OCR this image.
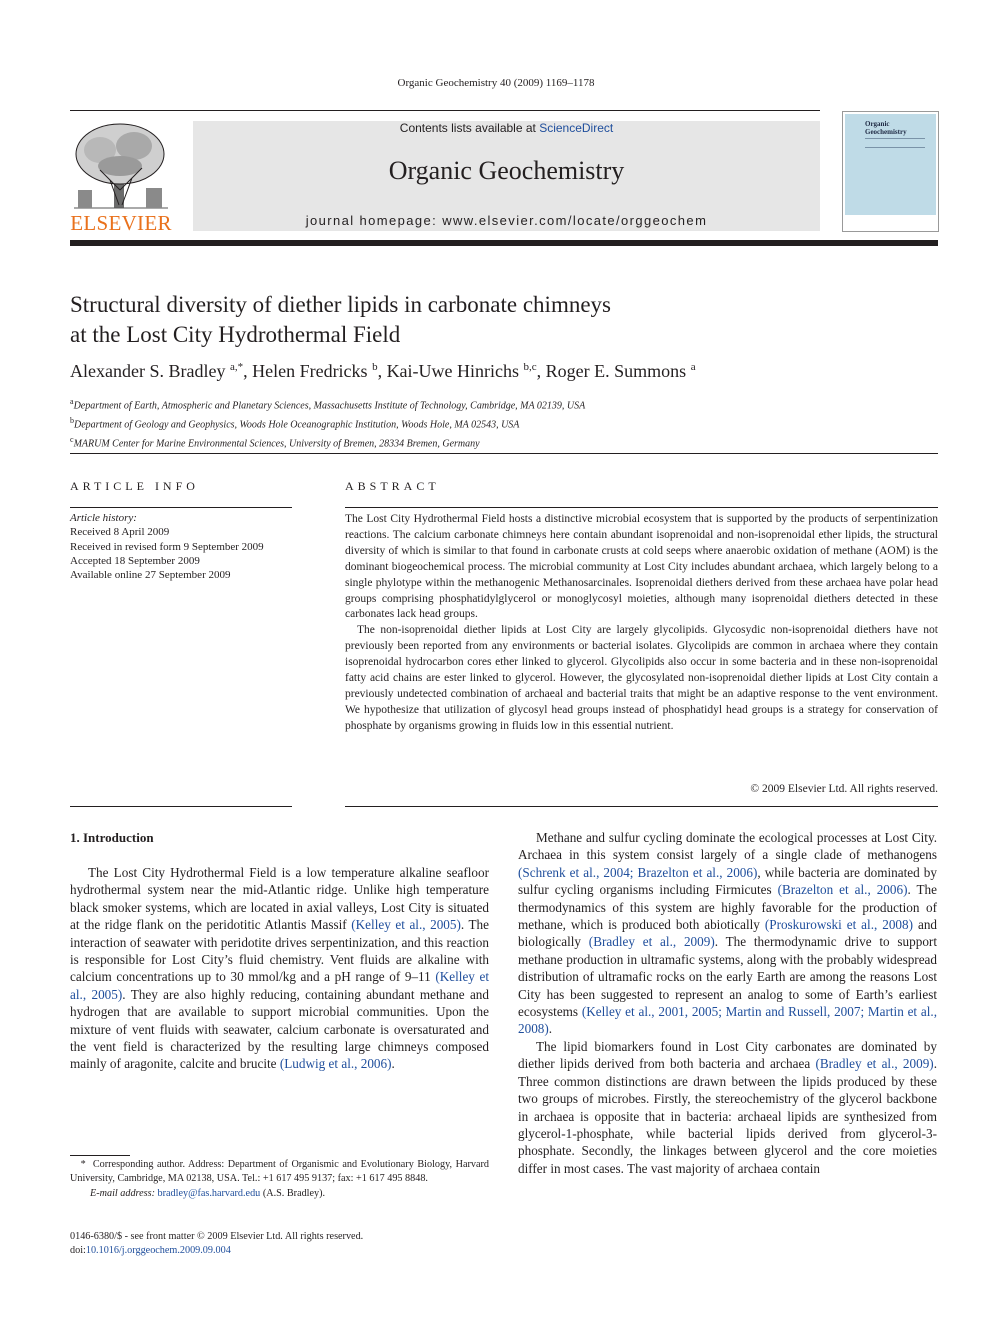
Organic Geochemistry 40 (2009) 1169–1178
ELSEVIER
Contents lists available at ScienceDirect
Organic Geochemistry
journal homepage: www.elsevier.com/locate/orggeochem
Organic
Geochemistry
Structural diversity of diether lipids in carbonate chimneys
at the Lost City Hydrothermal Field
Alexander S. Bradley $^{a,*}$, Helen Fredricks $^b$, Kai-Uwe Hinrichs $^{b,c}$, Roger E. Summons $^a$
$^a$Department of Earth, Atmospheric and Planetary Sciences, Massachusetts Institute of Technology, Cambridge, MA 02139, USA
$^b$Department of Geology and Geophysics, Woods Hole Oceanographic Institution, Woods Hole, MA 02543, USA
$^c$MARUM Center for Marine Environmental Sciences, University of Bremen, 28334 Bremen, Germany
ARTICLE INFO
Article history:
Received 8 April 2009
Received in revised form 9 September 2009
Accepted 18 September 2009
Available online 27 September 2009
ABSTRACT

The Lost City Hydrothermal Field hosts a distinctive microbial ecosystem that is supported by the products of serpentinization reactions. The calcium carbonate chimneys here contain abundant isoprenoidal and non-isoprenoidal ether lipids, the structural diversity of which is similar to that found in carbonate crusts at cold seeps where anaerobic oxidation of methane (AOM) is the dominant biogeochemical process. The microbial community at Lost City includes abundant archaea, which largely belong to a single phylotype within the methanogenic Methanosarcinales. Isoprenoidal diethers derived from these archaea have polar head groups comprising phosphatidylglycerol or monoglycosyl moieties, although many isoprenoidal diethers detected in these carbonates lack head groups.

The non-isoprenoidal diether lipids at Lost City are largely glycolipids. Glycosydic non-isoprenoidal diethers have not previously been reported from any environments or bacterial isolates. Glycolipids are common in archaea where they contain isoprenoidal hydrocarbon cores ether linked to glycerol. Glycolipids also occur in some bacteria and in these non-isoprenoidal fatty acid chains are ester linked to glycerol. However, the glycosylated non-isoprenoidal diether lipids at Lost City contain a previously undetected combination of archaeal and bacterial traits that might be an adaptive response to the vent environment. We hypothesize that utilization of glycosyl head groups instead of phosphatidyl head groups is a strategy for conservation of phosphate by organisms growing in fluids low in this essential nutrient.

© 2009 Elsevier Ltd. All rights reserved.
1. Introduction

The Lost City Hydrothermal Field is a low temperature alkaline seafloor hydrothermal system near the mid-Atlantic ridge. Unlike high temperature black smoker systems, which are located in axial valleys, Lost City is situated at the ridge flank on the peridotitic Atlantis Massif (Kelley et al., 2005). The interaction of seawater with peridotite drives serpentinization, and this reaction is responsible for Lost City’s fluid chemistry. Vent fluids are alkaline with calcium concentrations up to 30 mmol/kg and a pH range of 9–11 (Kelley et al., 2005). They are also highly reducing, containing abundant methane and hydrogen that are available to support microbial communities. Upon the mixture of vent fluids with seawater, calcium carbonate is oversaturated and the vent field is characterized by the resulting large chimneys composed mainly of aragonite, calcite and brucite (Ludwig et al., 2006).

Methane and sulfur cycling dominate the ecological processes at Lost City. Archaea in this system consist largely of a single clade of methanogens (Schrenk et al., 2004; Brazelton et al., 2006), while bacteria are dominated by sulfur cycling organisms including Firmicutes (Brazelton et al., 2006). The thermodynamics of this system are highly favorable for the production of methane, which is produced both abiotically (Proskurowski et al., 2008) and biologically (Bradley et al., 2009). The thermodynamic drive to support methane production in ultramafic systems, along with the probably widespread distribution of ultramafic rocks on the early Earth are among the reasons Lost City has been suggested to represent an analog to some of Earth’s earliest ecosystems (Kelley et al., 2001, 2005; Martin and Russell, 2007; Martin et al., 2008).

The lipid biomarkers found in Lost City carbonates are dominated by diether lipids derived from both bacteria and archaea (Bradley et al., 2009). Three common distinctions are drawn between the lipids produced by these two groups of microbes. Firstly, the stereochemistry of the glycerol backbone in archaea is opposite that in bacteria: archaeal lipids are synthesized from glycerol-1-phosphate, while bacterial lipids derived from glycerol-3-phosphate. Secondly, the linkages between glycerol and the core moieties differ in most cases. The vast majority of archaea contain

* Corresponding author. Address: Department of Organismic and Evolutionary Biology, Harvard University, Cambridge, MA 02138, USA. Tel.: +1 617 495 9137; fax: +1 617 495 8848.
E-mail address: bradley@fas.harvard.edu (A.S. Bradley).
0146-6380/$ - see front matter © 2009 Elsevier Ltd. All rights reserved.
doi:10.1016/j.orggeochem.2009.09.004
